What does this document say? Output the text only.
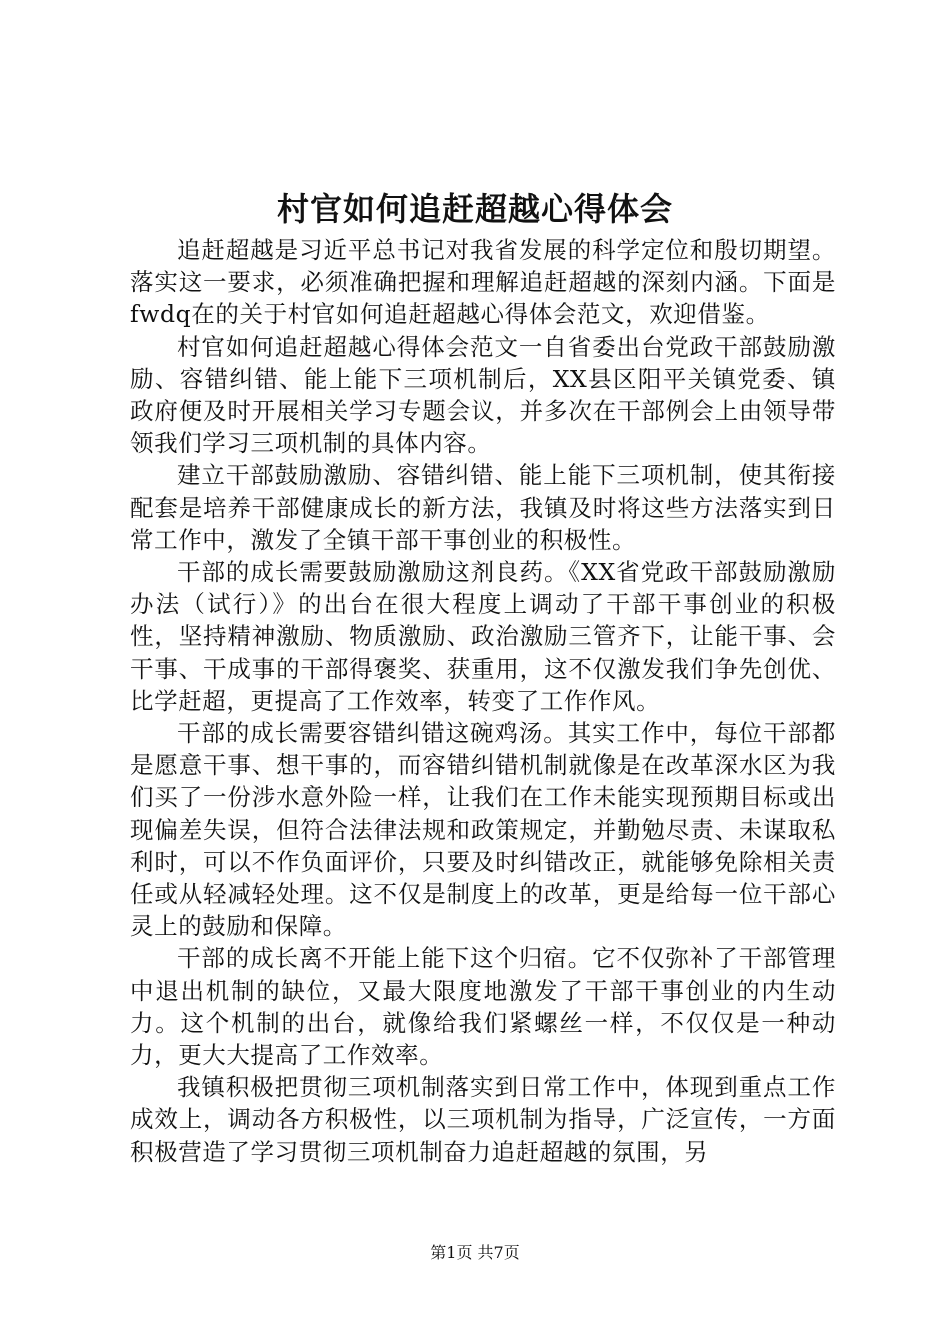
村官如何追赶超越心得体会

追赶超越是习近平总书记对我省发展的科学定位和殷切期望。落实这一要求，必须准确把握和理解追赶超越的深刻内涵。下面是fwdq在的关于村官如何追赶超越心得体会范文，欢迎借鉴。

村官如何追赶超越心得体会范文一自省委出台党政干部鼓励激励、容错纠错、能上能下三项机制后，XX县区阳平关镇党委、镇政府便及时开展相关学习专题会议，并多次在干部例会上由领导带领我们学习三项机制的具体内容。

建立干部鼓励激励、容错纠错、能上能下三项机制，使其衔接配套是培养干部健康成长的新方法，我镇及时将这些方法落实到日常工作中，激发了全镇干部干事创业的积极性。

干部的成长需要鼓励激励这剂良药。《XX省党政干部鼓励激励办法（试行）》的出台在很大程度上调动了干部干事创业的积极性，坚持精神激励、物质激励、政治激励三管齐下，让能干事、会干事、干成事的干部得褒奖、获重用，这不仅激发我们争先创优、比学赶超，更提高了工作效率，转变了工作作风。

干部的成长需要容错纠错这碗鸡汤。其实工作中，每位干部都是愿意干事、想干事的，而容错纠错机制就像是在改革深水区为我们买了一份涉水意外险一样，让我们在工作未能实现预期目标或出现偏差失误，但符合法律法规和政策规定，并勤勉尽责、未谋取私利时，可以不作负面评价，只要及时纠错改正，就能够免除相关责任或从轻减轻处理。这不仅是制度上的改革，更是给每一位干部心灵上的鼓励和保障。

干部的成长离不开能上能下这个归宿。它不仅弥补了干部管理中退出机制的缺位，又最大限度地激发了干部干事创业的内生动力。这个机制的出台，就像给我们紧螺丝一样，不仅仅是一种动力，更大大提高了工作效率。

我镇积极把贯彻三项机制落实到日常工作中，体现到重点工作成效上，调动各方积极性，以三项机制为指导，广泛宣传，一方面积极营造了学习贯彻三项机制奋力追赶超越的氛围，另

第1页 共7页
